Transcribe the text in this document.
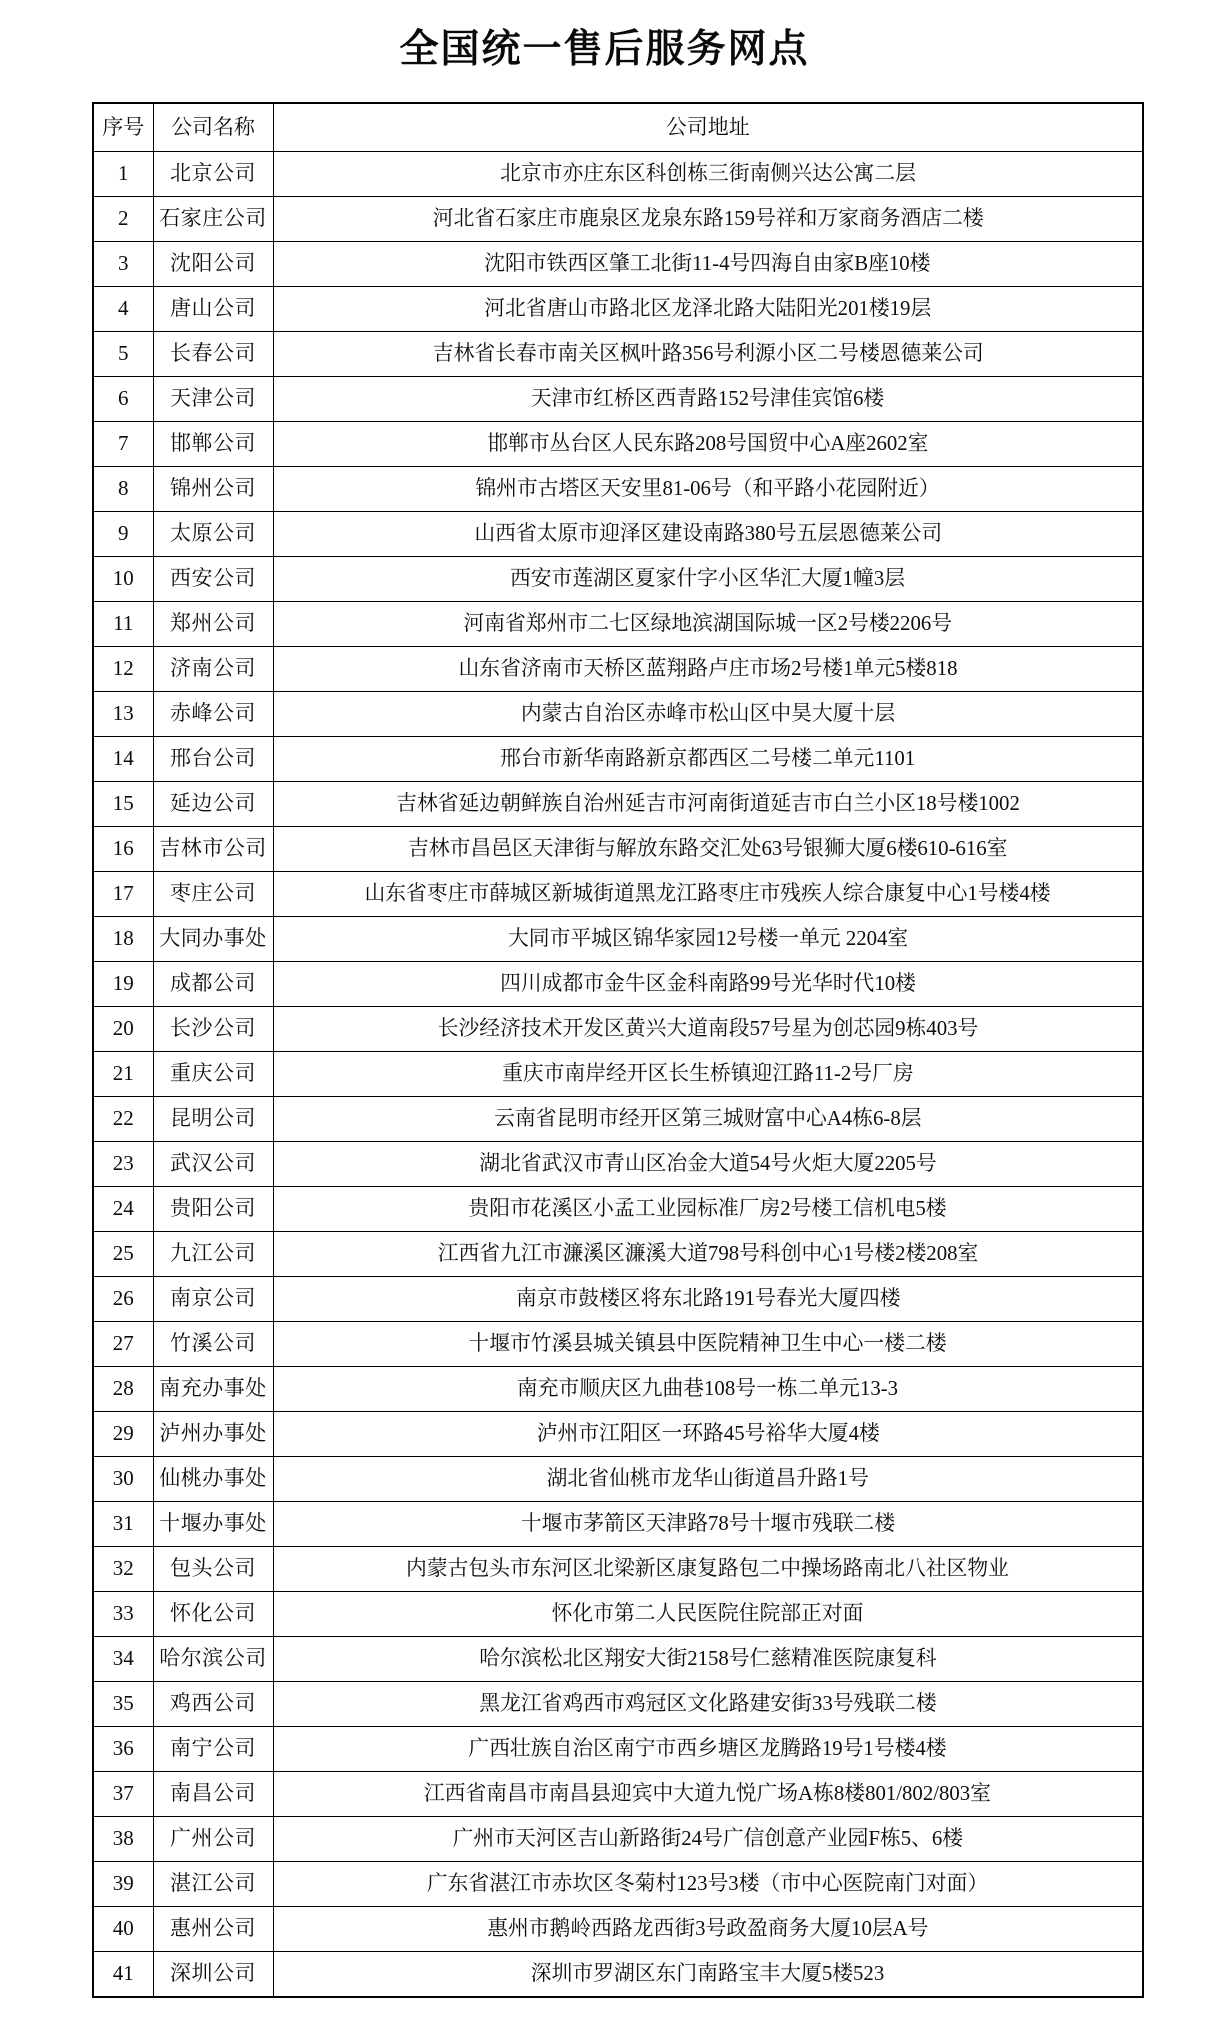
全国统一售后服务网点
序号	公司名称	公司地址
1	北京公司	北京市亦庄东区科创栋三街南侧兴达公寓二层
2	石家庄公司	河北省石家庄市鹿泉区龙泉东路159号祥和万家商务酒店二楼
3	沈阳公司	沈阳市铁西区肇工北街11-4号四海自由家B座10楼
4	唐山公司	河北省唐山市路北区龙泽北路大陆阳光201楼19层
5	长春公司	吉林省长春市南关区枫叶路356号利源小区二号楼恩德莱公司
6	天津公司	天津市红桥区西青路152号津佳宾馆6楼
7	邯郸公司	邯郸市丛台区人民东路208号国贸中心A座2602室
8	锦州公司	锦州市古塔区天安里81-06号（和平路小花园附近）
9	太原公司	山西省太原市迎泽区建设南路380号五层恩德莱公司
10	西安公司	西安市莲湖区夏家什字小区华汇大厦1幢3层
11	郑州公司	河南省郑州市二七区绿地滨湖国际城一区2号楼2206号
12	济南公司	山东省济南市天桥区蓝翔路卢庄市场2号楼1单元5楼818
13	赤峰公司	内蒙古自治区赤峰市松山区中昊大厦十层
14	邢台公司	邢台市新华南路新京都西区二号楼二单元1101
15	延边公司	吉林省延边朝鲜族自治州延吉市河南街道延吉市白兰小区18号楼1002
16	吉林市公司	吉林市昌邑区天津街与解放东路交汇处63号银狮大厦6楼610-616室
17	枣庄公司	山东省枣庄市薛城区新城街道黑龙江路枣庄市残疾人综合康复中心1号楼4楼
18	大同办事处	大同市平城区锦华家园12号楼一单元 2204室
19	成都公司	四川成都市金牛区金科南路99号光华时代10楼
20	长沙公司	长沙经济技术开发区黄兴大道南段57号星为创芯园9栋403号
21	重庆公司	重庆市南岸经开区长生桥镇迎江路11-2号厂房
22	昆明公司	云南省昆明市经开区第三城财富中心A4栋6-8层
23	武汉公司	湖北省武汉市青山区冶金大道54号火炬大厦2205号
24	贵阳公司	贵阳市花溪区小孟工业园标准厂房2号楼工信机电5楼
25	九江公司	江西省九江市濂溪区濂溪大道798号科创中心1号楼2楼208室
26	南京公司	南京市鼓楼区将东北路191号春光大厦四楼
27	竹溪公司	十堰市竹溪县城关镇县中医院精神卫生中心一楼二楼
28	南充办事处	南充市顺庆区九曲巷108号一栋二单元13-3
29	泸州办事处	泸州市江阳区一环路45号裕华大厦4楼
30	仙桃办事处	湖北省仙桃市龙华山街道昌升路1号
31	十堰办事处	十堰市茅箭区天津路78号十堰市残联二楼
32	包头公司	内蒙古包头市东河区北梁新区康复路包二中操场路南北八社区物业
33	怀化公司	怀化市第二人民医院住院部正对面
34	哈尔滨公司	哈尔滨松北区翔安大街2158号仁慈精准医院康复科
35	鸡西公司	黑龙江省鸡西市鸡冠区文化路建安街33号残联二楼
36	南宁公司	广西壮族自治区南宁市西乡塘区龙腾路19号1号楼4楼
37	南昌公司	江西省南昌市南昌县迎宾中大道九悦广场A栋8楼801/802/803室
38	广州公司	广州市天河区吉山新路街24号广信创意产业园F栋5、6楼
39	湛江公司	广东省湛江市赤坎区冬菊村123号3楼（市中心医院南门对面）
40	惠州公司	惠州市鹅岭西路龙西街3号政盈商务大厦10层A号
41	深圳公司	深圳市罗湖区东门南路宝丰大厦5楼523
